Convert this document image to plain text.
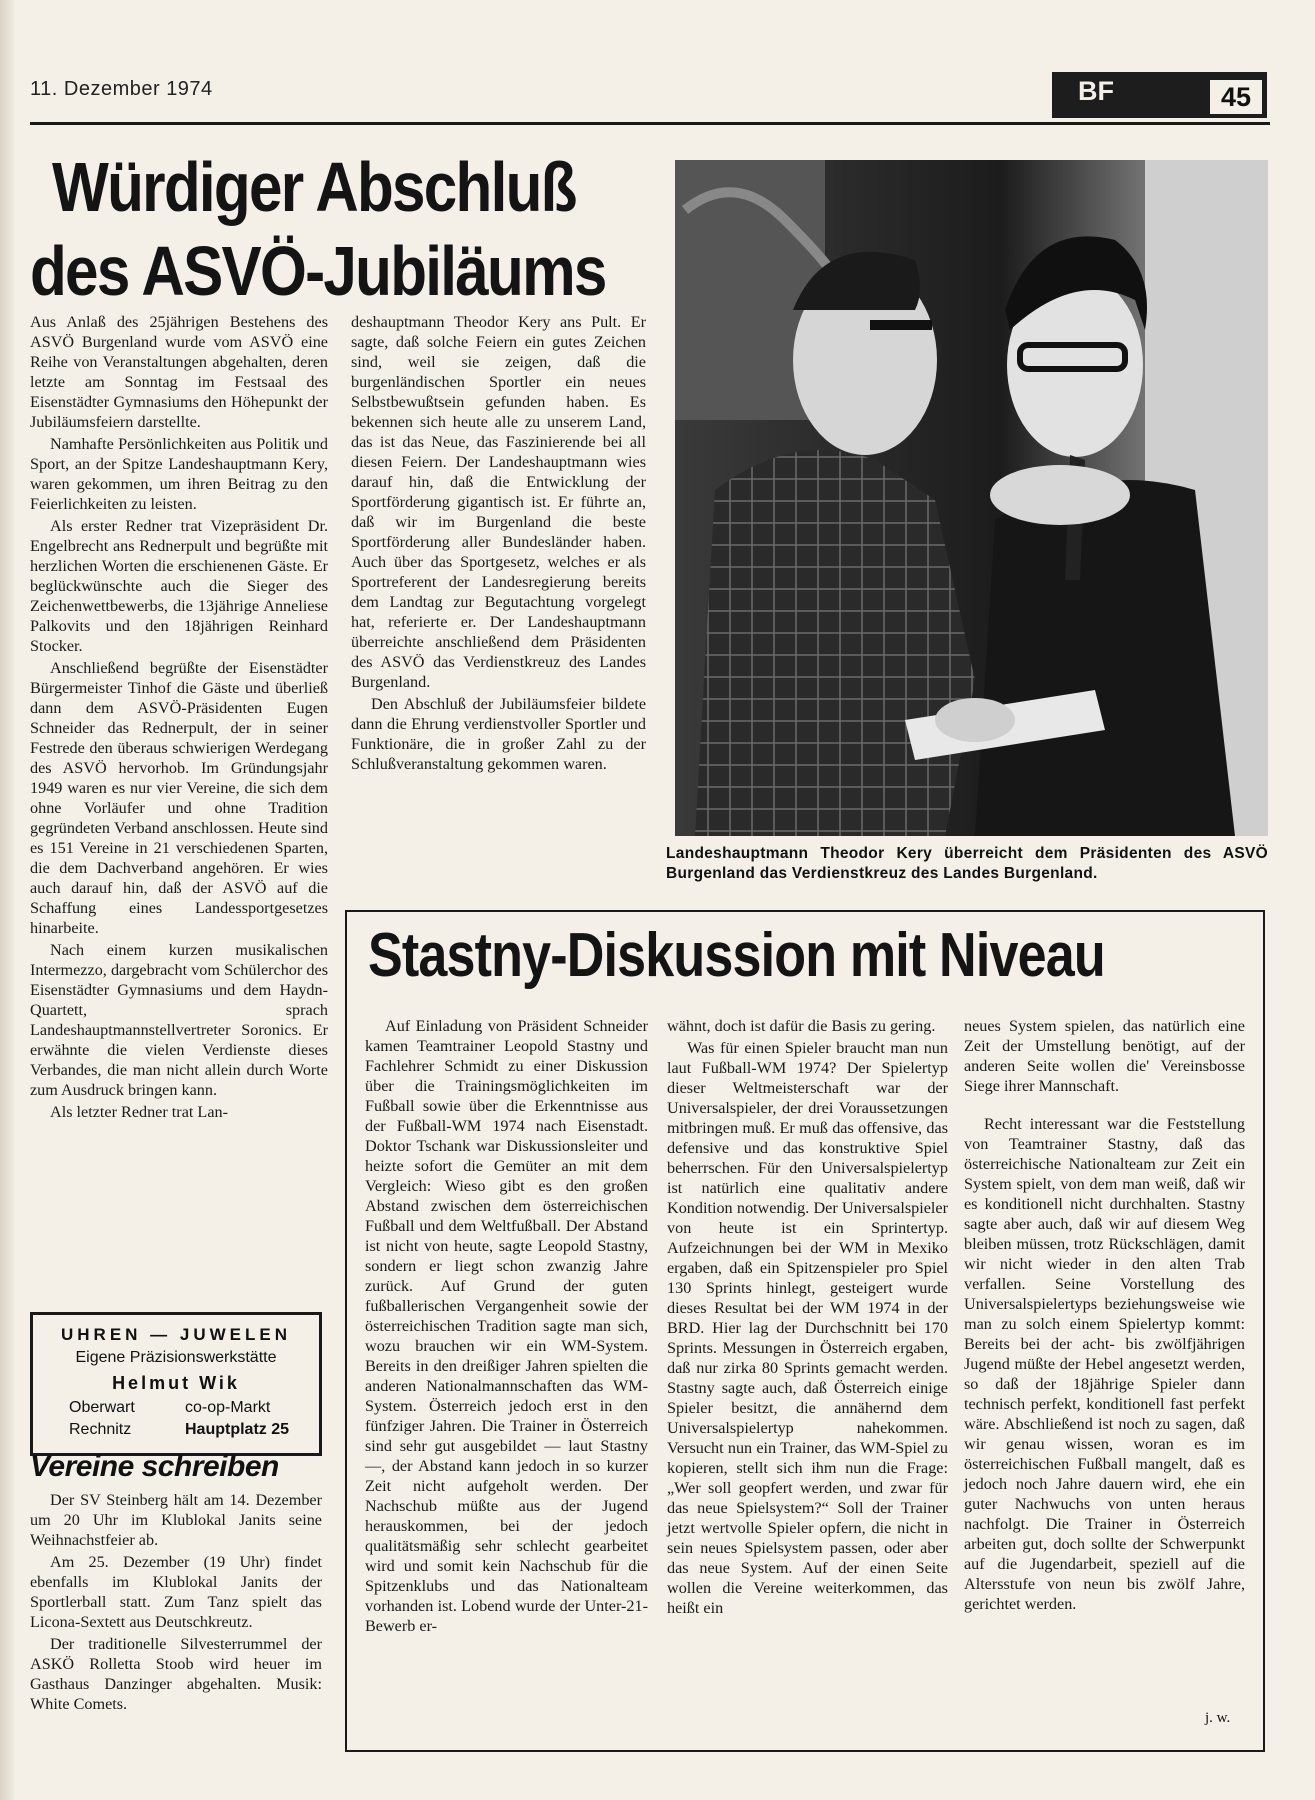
11. Dezember 1974	BF	45
Würdiger Abschluß
des ASVÖ-Jubiläums

Aus Anlaß des 25jährigen Bestehens des ASVÖ Burgenland wurde vom ASVÖ eine Reihe von Veranstaltungen abgehalten, deren letzte am Sonntag im Festsaal des Eisenstädter Gymnasiums den Höhepunkt der Jubiläumsfeiern darstellte.

Namhafte Persönlichkeiten aus Politik und Sport, an der Spitze Landeshauptmann Kery, waren gekommen, um ihren Beitrag zu den Feierlichkeiten zu leisten.

Als erster Redner trat Vizepräsident Dr. Engelbrecht ans Rednerpult und begrüßte mit herzlichen Worten die erschienenen Gäste. Er beglückwünschte auch die Sieger des Zeichenwettbewerbs, die 13jährige Anneliese Palkovits und den 18jährigen Reinhard Stocker.

Anschließend begrüßte der Eisenstädter Bürgermeister Tinhof die Gäste und überließ dann dem ASVÖ-Präsidenten Eugen Schneider das Rednerpult, der in seiner Festrede den überaus schwierigen Werdegang des ASVÖ hervorhob. Im Gründungsjahr 1949 waren es nur vier Vereine, die sich dem ohne Vorläufer und ohne Tradition gegründeten Verband anschlossen. Heute sind es 151 Vereine in 21 verschiedenen Sparten, die dem Dachverband angehören. Er wies auch darauf hin, daß der ASVÖ auf die Schaffung eines Landessportgesetzes hinarbeite.

Nach einem kurzen musikalischen Intermezzo, dargebracht vom Schülerchor des Eisenstädter Gymnasiums und dem Haydn-Quartett, sprach Landeshauptmannstellvertreter Soronics. Er erwähnte die vielen Verdienste dieses Verbandes, die man nicht allein durch Worte zum Ausdruck bringen kann.

Als letzter Redner trat Lan-

deshauptmann Theodor Kery ans Pult. Er sagte, daß solche Feiern ein gutes Zeichen sind, weil sie zeigen, daß die burgenländischen Sportler ein neues Selbstbewußtsein gefunden haben. Es bekennen sich heute alle zu unserem Land, das ist das Neue, das Faszinierende bei all diesen Feiern. Der Landeshauptmann wies darauf hin, daß die Entwicklung der Sportförderung gigantisch ist. Er führte an, daß wir im Burgenland die beste Sportförderung aller Bundesländer haben. Auch über das Sportgesetz, welches er als Sportreferent der Landesregierung bereits dem Landtag zur Begutachtung vorgelegt hat, referierte er. Der Landeshauptmann überreichte anschließend dem Präsidenten des ASVÖ das Verdienstkreuz des Landes Burgenland.

Den Abschluß der Jubiläumsfeier bildete dann die Ehrung verdienstvoller Sportler und Funktionäre, die in großer Zahl zu der Schlußveranstaltung gekommen waren.

Landeshauptmann Theodor Kery überreicht dem Präsidenten des ASVÖ Burgenland das Verdienstkreuz des Landes Burgenland.
Stastny-Diskussion mit Niveau

Auf Einladung von Präsident Schneider kamen Teamtrainer Leopold Stastny und Fachlehrer Schmidt zu einer Diskussion über die Trainingsmöglichkeiten im Fußball sowie über die Erkenntnisse aus der Fußball-WM 1974 nach Eisenstadt. Doktor Tschank war Diskussionsleiter und heizte sofort die Gemüter an mit dem Vergleich: Wieso gibt es den großen Abstand zwischen dem österreichischen Fußball und dem Weltfußball. Der Abstand ist nicht von heute, sagte Leopold Stastny, sondern er liegt schon zwanzig Jahre zurück. Auf Grund der guten fußballerischen Vergangenheit sowie der österreichischen Tradition sagte man sich, wozu brauchen wir ein WM-System. Bereits in den dreißiger Jahren spielten die anderen Nationalmannschaften das WM-System. Österreich jedoch erst in den fünfziger Jahren. Die Trainer in Österreich sind sehr gut ausgebildet — laut Stastny —, der Abstand kann jedoch in so kurzer Zeit nicht aufgeholt werden. Der Nachschub müßte aus der Jugend herauskommen, bei der jedoch qualitätsmäßig sehr schlecht gearbeitet wird und somit kein Nachschub für die Spitzenklubs und das Nationalteam vorhanden ist. Lobend wurde der Unter-21-Bewerb er-

wähnt, doch ist dafür die Basis zu gering.

Was für einen Spieler braucht man nun laut Fußball-WM 1974? Der Spielertyp dieser Weltmeisterschaft war der Universalspieler, der drei Voraussetzungen mitbringen muß. Er muß das offensive, das defensive und das konstruktive Spiel beherrschen. Für den Universalspielertyp ist natürlich eine qualitativ andere Kondition notwendig. Der Universalspieler von heute ist ein Sprintertyp. Aufzeichnungen bei der WM in Mexiko ergaben, daß ein Spitzenspieler pro Spiel 130 Sprints hinlegt, gesteigert wurde dieses Resultat bei der WM 1974 in der BRD. Hier lag der Durchschnitt bei 170 Sprints. Messungen in Österreich ergaben, daß nur zirka 80 Sprints gemacht werden. Stastny sagte auch, daß Österreich einige Spieler besitzt, die annähernd dem Universalspielertyp nahekommen. Versucht nun ein Trainer, das WM-Spiel zu kopieren, stellt sich ihm nun die Frage: „Wer soll geopfert werden, und zwar für das neue Spielsystem?“ Soll der Trainer jetzt wertvolle Spieler opfern, die nicht in sein neues Spielsystem passen, oder aber das neue System. Auf der einen Seite wollen die Vereine weiterkommen, das heißt ein

neues System spielen, das natürlich eine Zeit der Umstellung benötigt, auf der anderen Seite wollen die' Vereinsbosse Siege ihrer Mannschaft.

Recht interessant war die Feststellung von Teamtrainer Stastny, daß das österreichische Nationalteam zur Zeit ein System spielt, von dem man weiß, daß wir es konditionell nicht durchhalten. Stastny sagte aber auch, daß wir auf diesem Weg bleiben müssen, trotz Rückschlägen, damit wir nicht wieder in den alten Trab verfallen. Seine Vorstellung des Universalspielertyps beziehungsweise wie man zu solch einem Spielertyp kommt: Bereits bei der acht- bis zwölfjährigen Jugend müßte der Hebel angesetzt werden, so daß der 18jährige Spieler dann technisch perfekt, konditionell fast perfekt wäre. Abschließend ist noch zu sagen, daß wir genau wissen, woran es im österreichischen Fußball mangelt, daß es jedoch noch Jahre dauern wird, ehe ein guter Nachwuchs von unten heraus nachfolgt. Die Trainer in Österreich arbeiten gut, doch sollte der Schwerpunkt auf die Jugendarbeit, speziell auf die Altersstufe von neun bis zwölf Jahre, gerichtet werden.

j. w.
UHREN — JUWELEN
Eigene Präzisionswerkstätte
Helmut Wik
Oberwart	co-op-Markt
Rechnitz	Hauptplatz 25
Vereine schreiben

Der SV Steinberg hält am 14. Dezember um 20 Uhr im Klublokal Janits seine Weihnachstfeier ab.

Am 25. Dezember (19 Uhr) findet ebenfalls im Klublokal Janits der Sportlerball statt. Zum Tanz spielt das Licona-Sextett aus Deutschkreutz.

Der traditionelle Silvesterrummel der ASKÖ Rolletta Stoob wird heuer im Gasthaus Danzinger abgehalten. Musik: White Comets.
